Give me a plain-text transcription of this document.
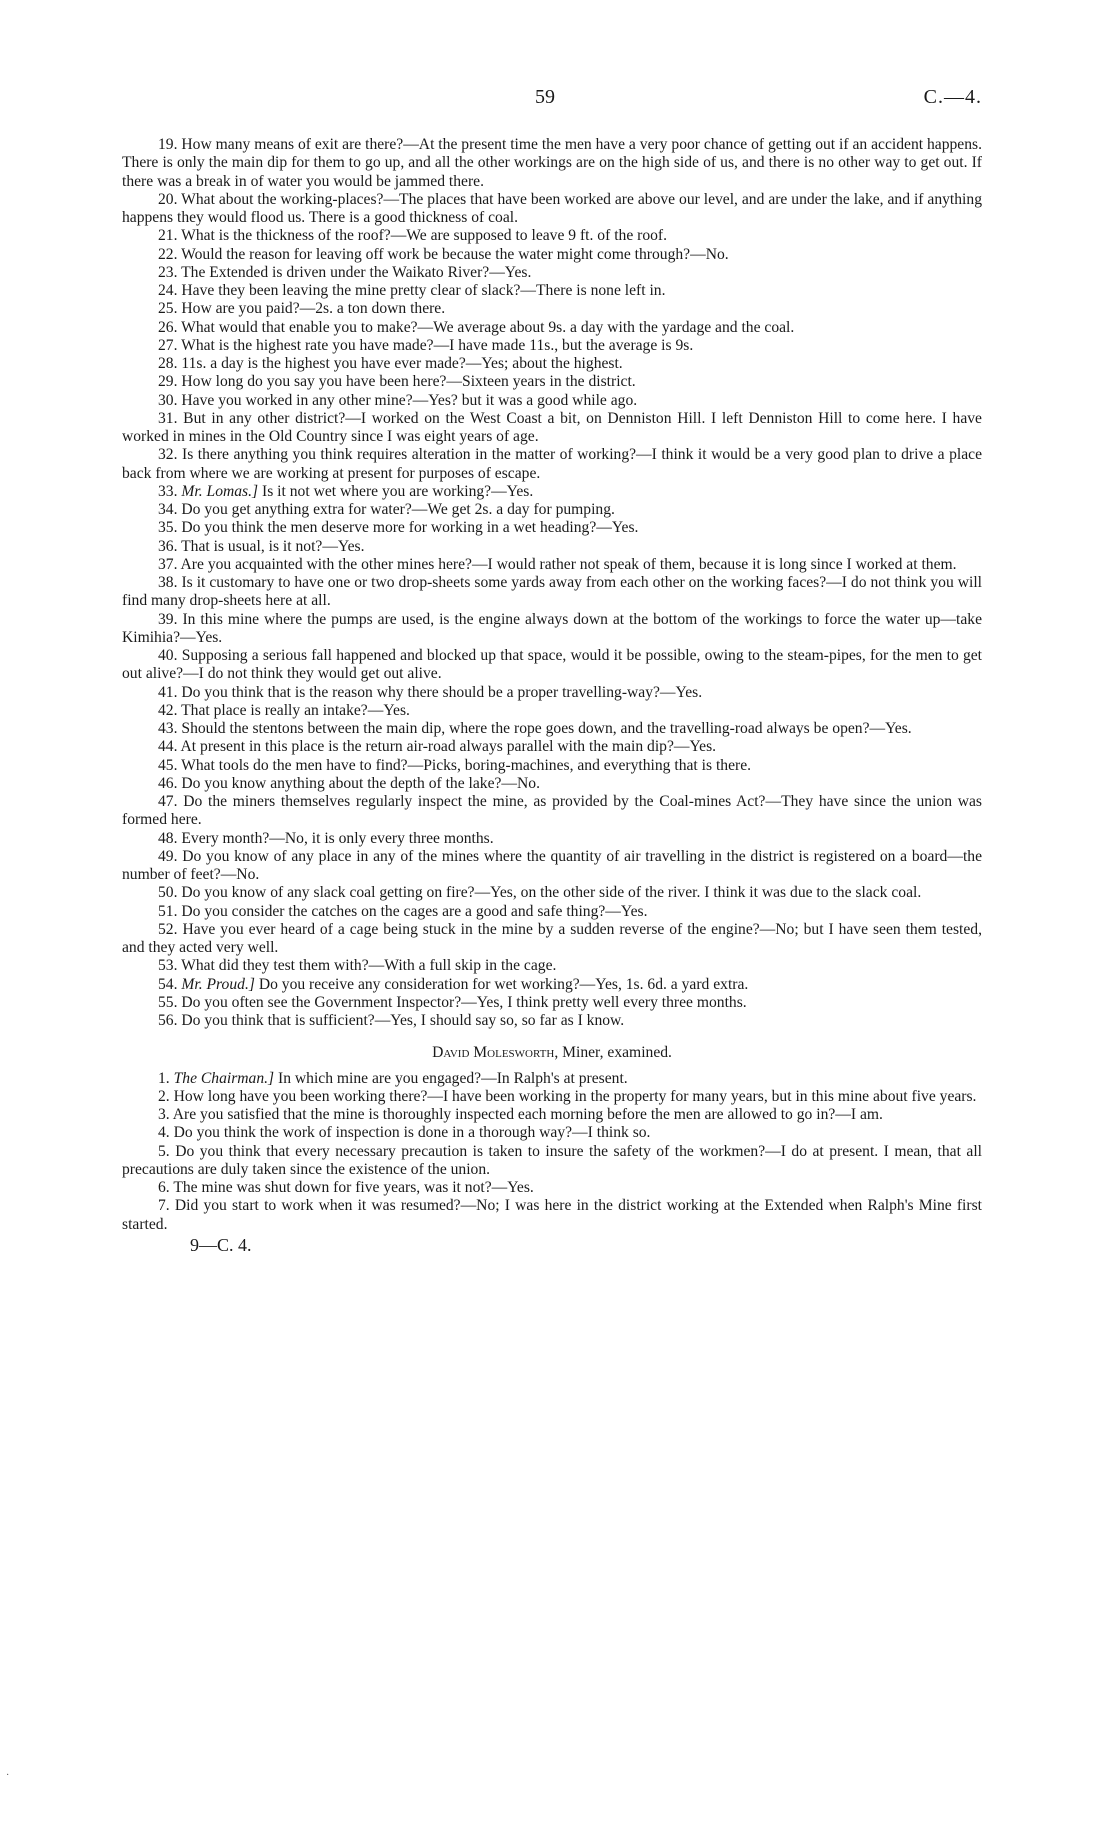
59	C.—4.

19. How many means of exit are there?—At the present time the men have a very poor chance of getting out if an accident happens. There is only the main dip for them to go up, and all the other workings are on the high side of us, and there is no other way to get out. If there was a break in of water you would be jammed there.

20. What about the working-places?—The places that have been worked are above our level, and are under the lake, and if anything happens they would flood us. There is a good thickness of coal.

21. What is the thickness of the roof?—We are supposed to leave 9 ft. of the roof.

22. Would the reason for leaving off work be because the water might come through?—No.

23. The Extended is driven under the Waikato River?—Yes.

24. Have they been leaving the mine pretty clear of slack?—There is none left in.

25. How are you paid?—2s. a ton down there.

26. What would that enable you to make?—We average about 9s. a day with the yardage and the coal.

27. What is the highest rate you have made?—I have made 11s., but the average is 9s.

28. 11s. a day is the highest you have ever made?—Yes; about the highest.

29. How long do you say you have been here?—Sixteen years in the district.

30. Have you worked in any other mine?—Yes? but it was a good while ago.

31. But in any other district?—I worked on the West Coast a bit, on Denniston Hill. I left Denniston Hill to come here. I have worked in mines in the Old Country since I was eight years of age.

32. Is there anything you think requires alteration in the matter of working?—I think it would be a very good plan to drive a place back from where we are working at present for purposes of escape.

33. Mr. Lomas.] Is it not wet where you are working?—Yes.

34. Do you get anything extra for water?—We get 2s. a day for pumping.

35. Do you think the men deserve more for working in a wet heading?—Yes.

36. That is usual, is it not?—Yes.

37. Are you acquainted with the other mines here?—I would rather not speak of them, because it is long since I worked at them.

38. Is it customary to have one or two drop-sheets some yards away from each other on the working faces?—I do not think you will find many drop-sheets here at all.

39. In this mine where the pumps are used, is the engine always down at the bottom of the workings to force the water up—take Kimihia?—Yes.

40. Supposing a serious fall happened and blocked up that space, would it be possible, owing to the steam-pipes, for the men to get out alive?—I do not think they would get out alive.

41. Do you think that is the reason why there should be a proper travelling-way?—Yes.

42. That place is really an intake?—Yes.

43. Should the stentons between the main dip, where the rope goes down, and the travelling-road always be open?—Yes.

44. At present in this place is the return air-road always parallel with the main dip?—Yes.

45. What tools do the men have to find?—Picks, boring-machines, and everything that is there.

46. Do you know anything about the depth of the lake?—No.

47. Do the miners themselves regularly inspect the mine, as provided by the Coal-mines Act?—They have since the union was formed here.

48. Every month?—No, it is only every three months.

49. Do you know of any place in any of the mines where the quantity of air travelling in the district is registered on a board—the number of feet?—No.

50. Do you know of any slack coal getting on fire?—Yes, on the other side of the river. I think it was due to the slack coal.

51. Do you consider the catches on the cages are a good and safe thing?—Yes.

52. Have you ever heard of a cage being stuck in the mine by a sudden reverse of the engine?—No; but I have seen them tested, and they acted very well.

53. What did they test them with?—With a full skip in the cage.

54. Mr. Proud.] Do you receive any consideration for wet working?—Yes, 1s. 6d. a yard extra.

55. Do you often see the Government Inspector?—Yes, I think pretty well every three months.

56. Do you think that is sufficient?—Yes, I should say so, so far as I know.

David Molesworth, Miner, examined.

1. The Chairman.] In which mine are you engaged?—In Ralph's at present.

2. How long have you been working there?—I have been working in the property for many years, but in this mine about five years.

3. Are you satisfied that the mine is thoroughly inspected each morning before the men are allowed to go in?—I am.

4. Do you think the work of inspection is done in a thorough way?—I think so.

5. Do you think that every necessary precaution is taken to insure the safety of the workmen?—I do at present. I mean, that all precautions are duly taken since the existence of the union.

6. The mine was shut down for five years, was it not?—Yes.

7. Did you start to work when it was resumed?—No; I was here in the district working at the Extended when Ralph's Mine first started.

9—C. 4.
·
